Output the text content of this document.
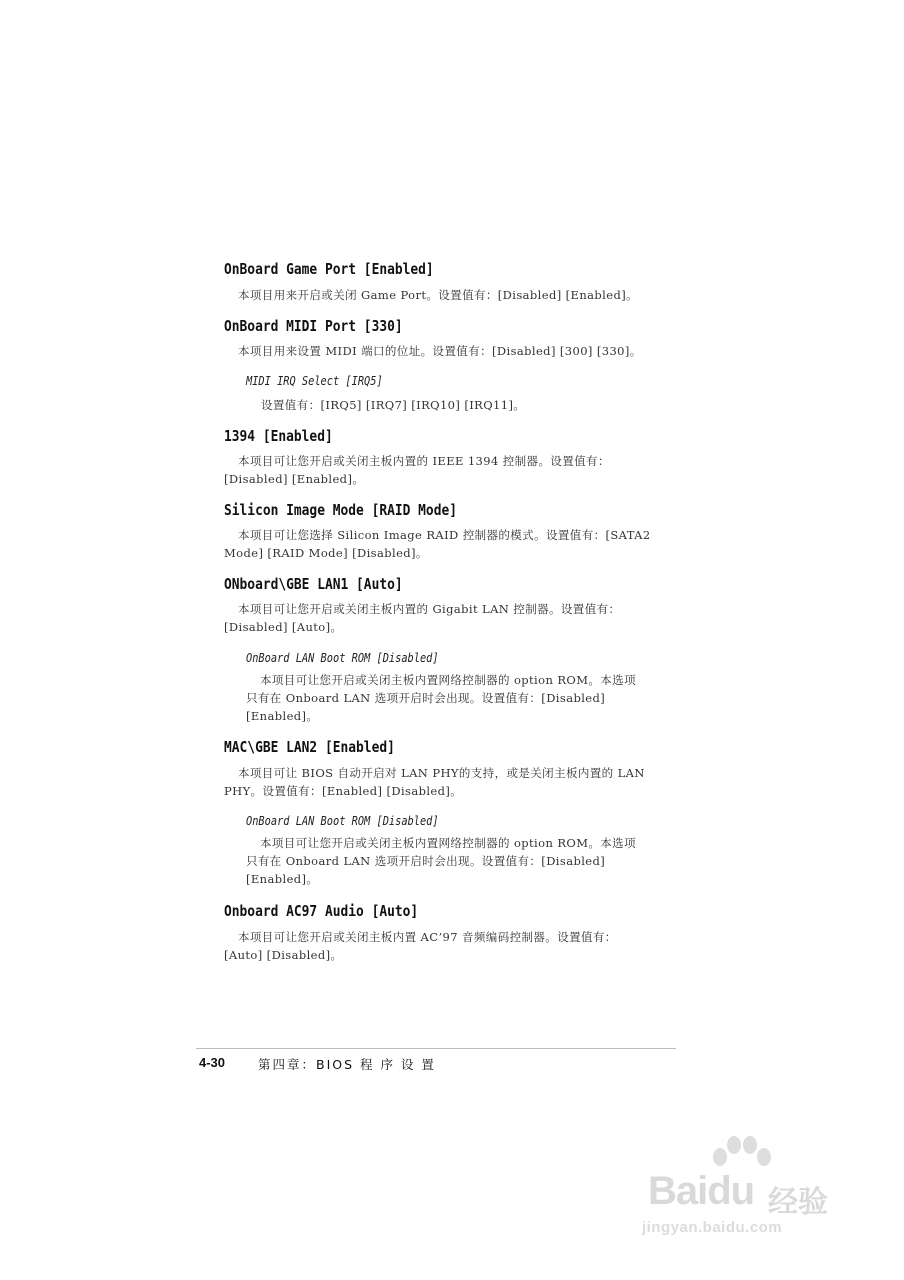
OnBoard Game Port [Enabled]
本项目用来开启或关闭 Game Port。设置值有：[Disabled] [Enabled]。
OnBoard MIDI Port [330]
本项目用来设置 MIDI 端口的位址。设置值有：[Disabled] [300] [330]。
MIDI IRQ Select [IRQ5]
设置值有：[IRQ5] [IRQ7] [IRQ10] [IRQ11]。
1394 [Enabled]
本项目可让您开启或关闭主板内置的 IEEE 1394 控制器。设置值有：
[Disabled] [Enabled]。
Silicon Image Mode [RAID Mode]
本项目可让您选择 Silicon Image RAID 控制器的模式。设置值有：[SATA2
Mode] [RAID Mode] [Disabled]。
ONboard\GBE LAN1 [Auto]
本项目可让您开启或关闭主板内置的 Gigabit LAN 控制器。设置值有：
[Disabled] [Auto]。
OnBoard LAN Boot ROM [Disabled]
本项目可让您开启或关闭主板内置网络控制器的 option ROM。本选项
只有在 Onboard LAN 选项开启时会出现。设置值有：[Disabled]
[Enabled]。
MAC\GBE LAN2 [Enabled]
本项目可让 BIOS 自动开启对 LAN PHY的支持，或是关闭主板内置的 LAN
PHY。设置值有：[Enabled] [Disabled]。
OnBoard LAN Boot ROM [Disabled]
本项目可让您开启或关闭主板内置网络控制器的 option ROM。本选项
只有在 Onboard LAN 选项开启时会出现。设置值有：[Disabled]
[Enabled]。
Onboard AC97 Audio [Auto]
本项目可让您开启或关闭主板内置 AC’97 音频编码控制器。设置值有：
[Auto] [Disabled]。
4-30	第四章：BIOS 程 序 设 置
Baidu 经验
jingyan.baidu.com
